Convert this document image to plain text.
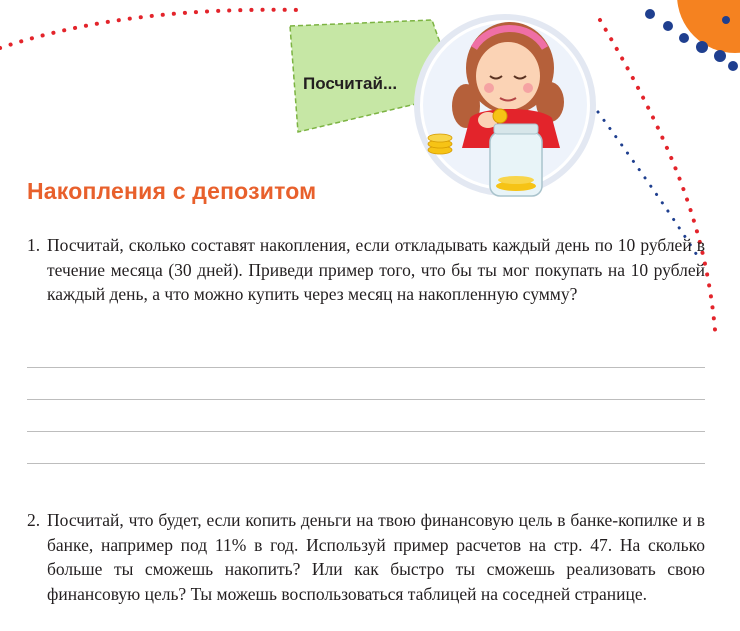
Посчитай...
Накопления с депозитом
1. Посчитай, сколько составят накопления, если откладывать каждый день по 10 рублей в течение месяца (30 дней). Приведи пример того, что бы ты мог покупать на 10 рублей каждый день, а что можно купить через месяц на накопленную сумму?
2. Посчитай, что будет, если копить деньги на твою финансовую цель в банке-копилке и в банке, например под 11% в год. Используй пример расчетов на стр. 47. На сколько больше ты сможешь накопить? Или как быстро ты сможешь реализовать свою финансовую цель? Ты можешь воспользоваться таблицей на соседней странице.
